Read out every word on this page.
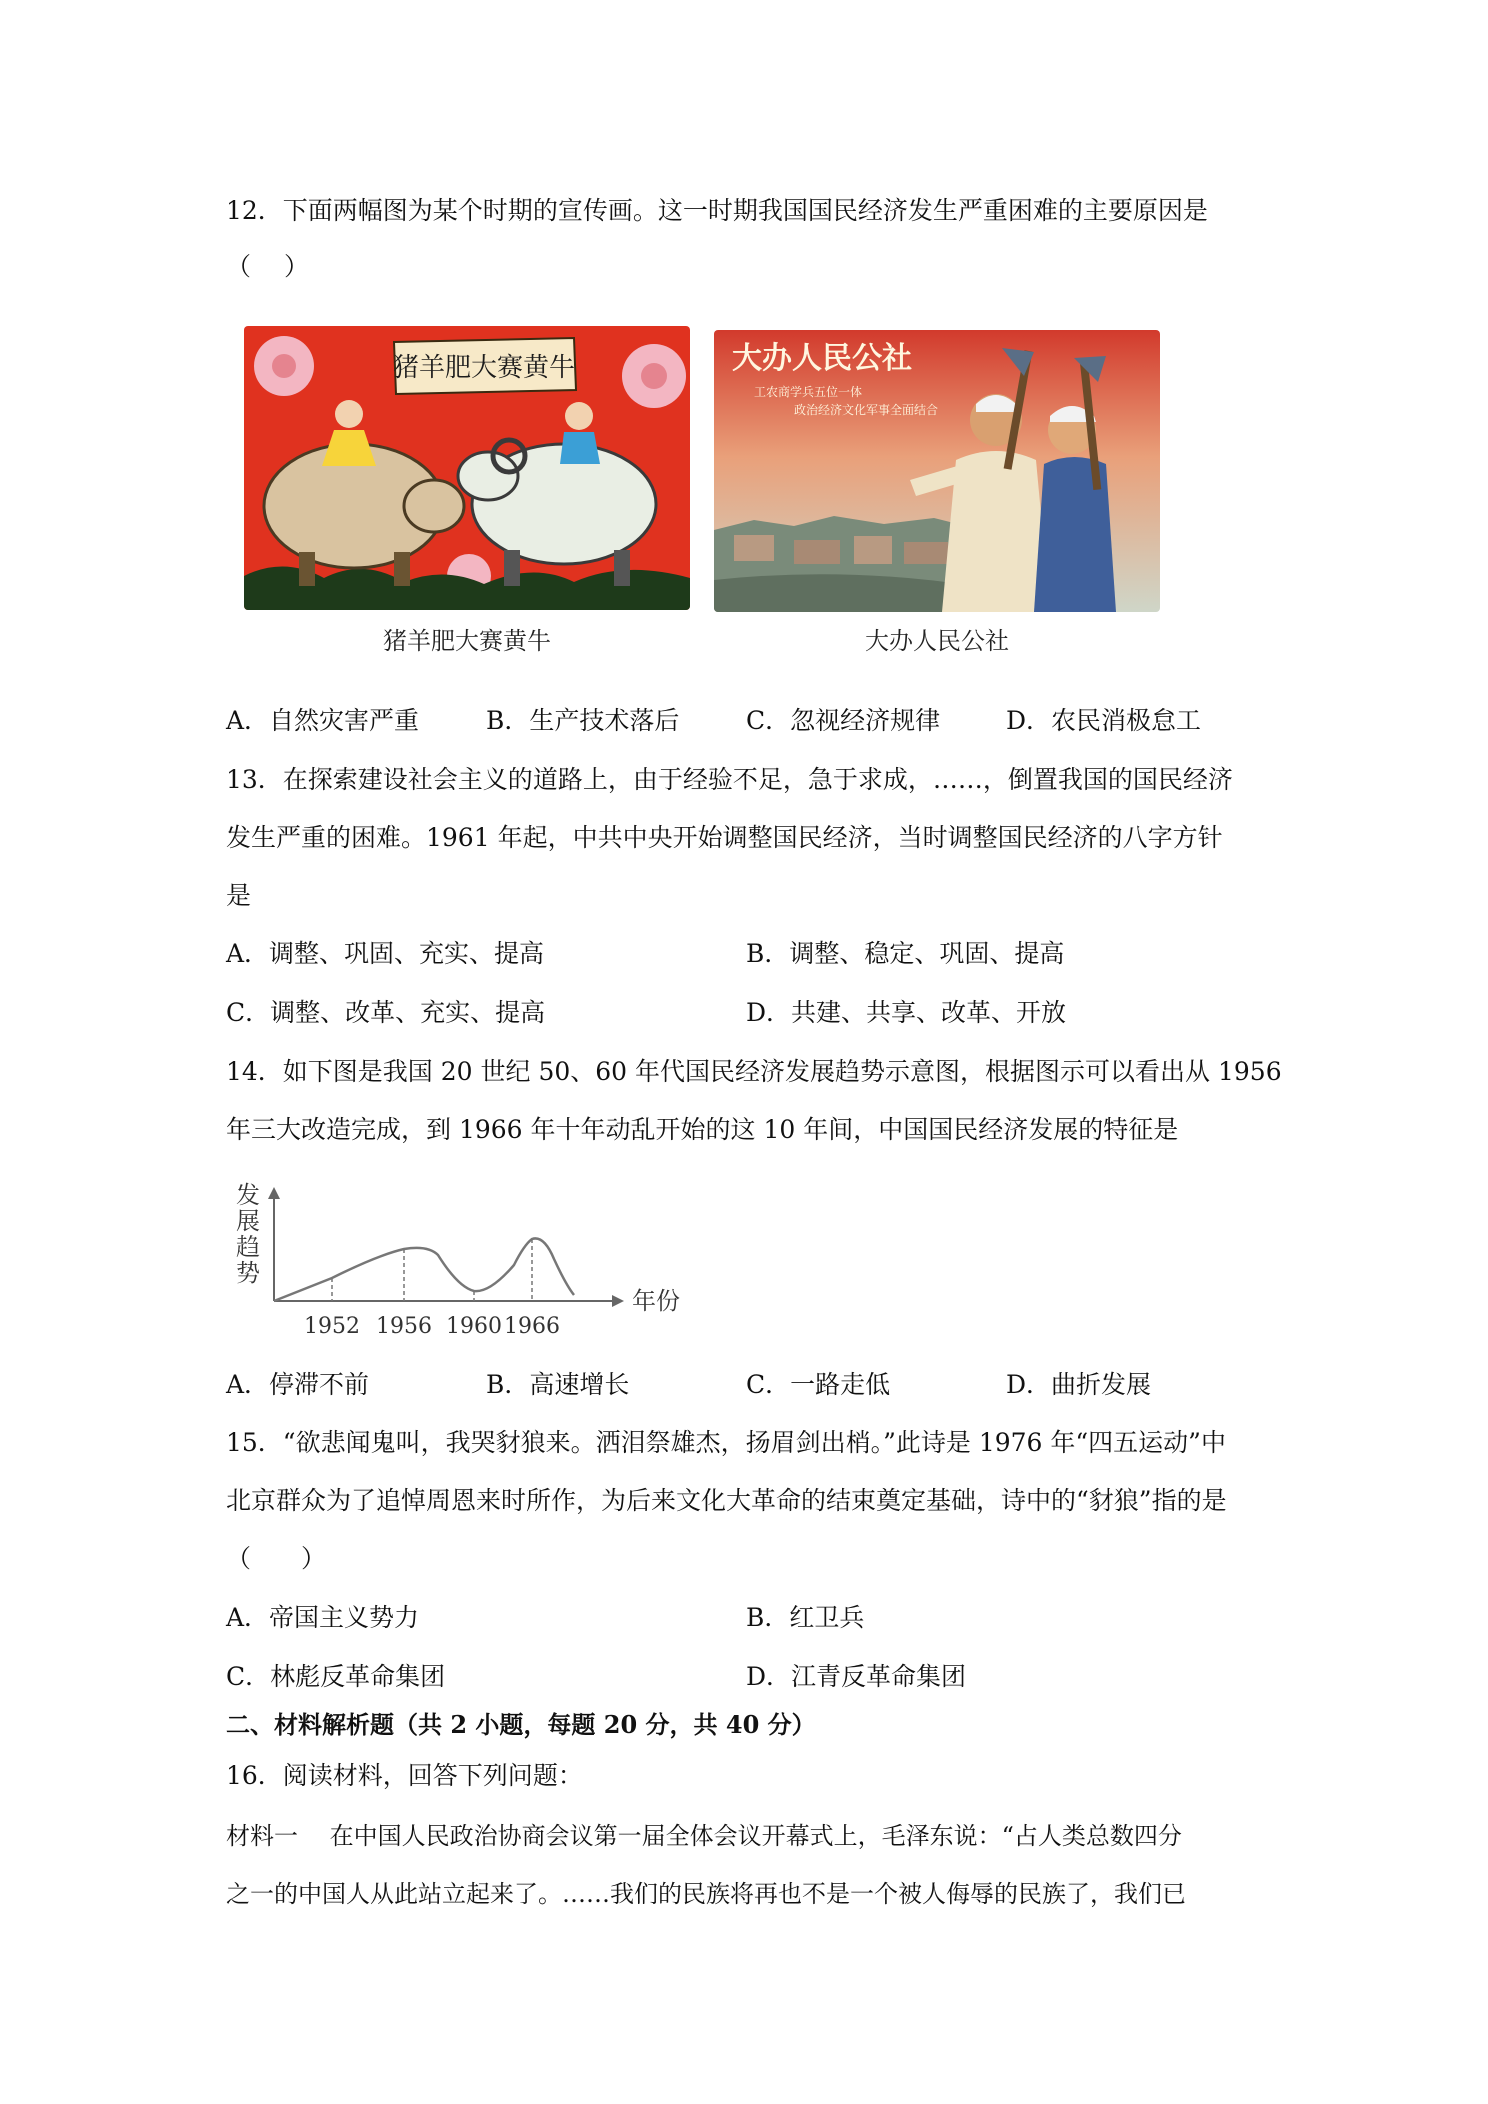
12．下面两幅图为某个时期的宣传画。这一时期我国国民经济发生严重困难的主要原因是
（　 ）
猪羊肥大赛黄牛
猪羊肥大赛黄牛
大办人民公社
工农商学兵五位一体
政治经济文化军事全面结合
大办人民公社
A．自然灾害严重	B．生产技术落后	C．忽视经济规律	D．农民消极怠工
13．在探索建设社会主义的道路上，由于经验不足，急于求成，……，倒置我国的国民经济
发生严重的困难。1961 年起，中共中央开始调整国民经济，当时调整国民经济的八字方针
是
A．调整、巩固、充实、提高	B．调整、稳定、巩固、提高
C．调整、改革、充实、提高	D．共建、共享、改革、开放
14．如下图是我国 20 世纪 50、60 年代国民经济发展趋势示意图，根据图示可以看出从 1956
年三大改造完成，到 1966 年十年动乱开始的这 10 年间，中国国民经济发展的特征是
发
展
趋
势
年份
1952 1956 1960 1966
A．停滞不前	B．高速增长	C．一路走低	D．曲折发展
15．“欲悲闻鬼叫，我哭豺狼来。洒泪祭雄杰，扬眉剑出梢。”此诗是 1976 年“四五运动”中
北京群众为了追悼周恩来时所作，为后来文化大革命的结束奠定基础，诗中的“豺狼”指的是
（　　）
A．帝国主义势力	B．红卫兵
C．林彪反革命集团	D．江青反革命集团
二、材料解析题（共 2 小题，每题 20 分，共 40 分）
16．阅读材料，回答下列问题：
材料一　 在中国人民政治协商会议第一届全体会议开幕式上，毛泽东说：“占人类总数四分
之一的中国人从此站立起来了。……我们的民族将再也不是一个被人侮辱的民族了，我们已
